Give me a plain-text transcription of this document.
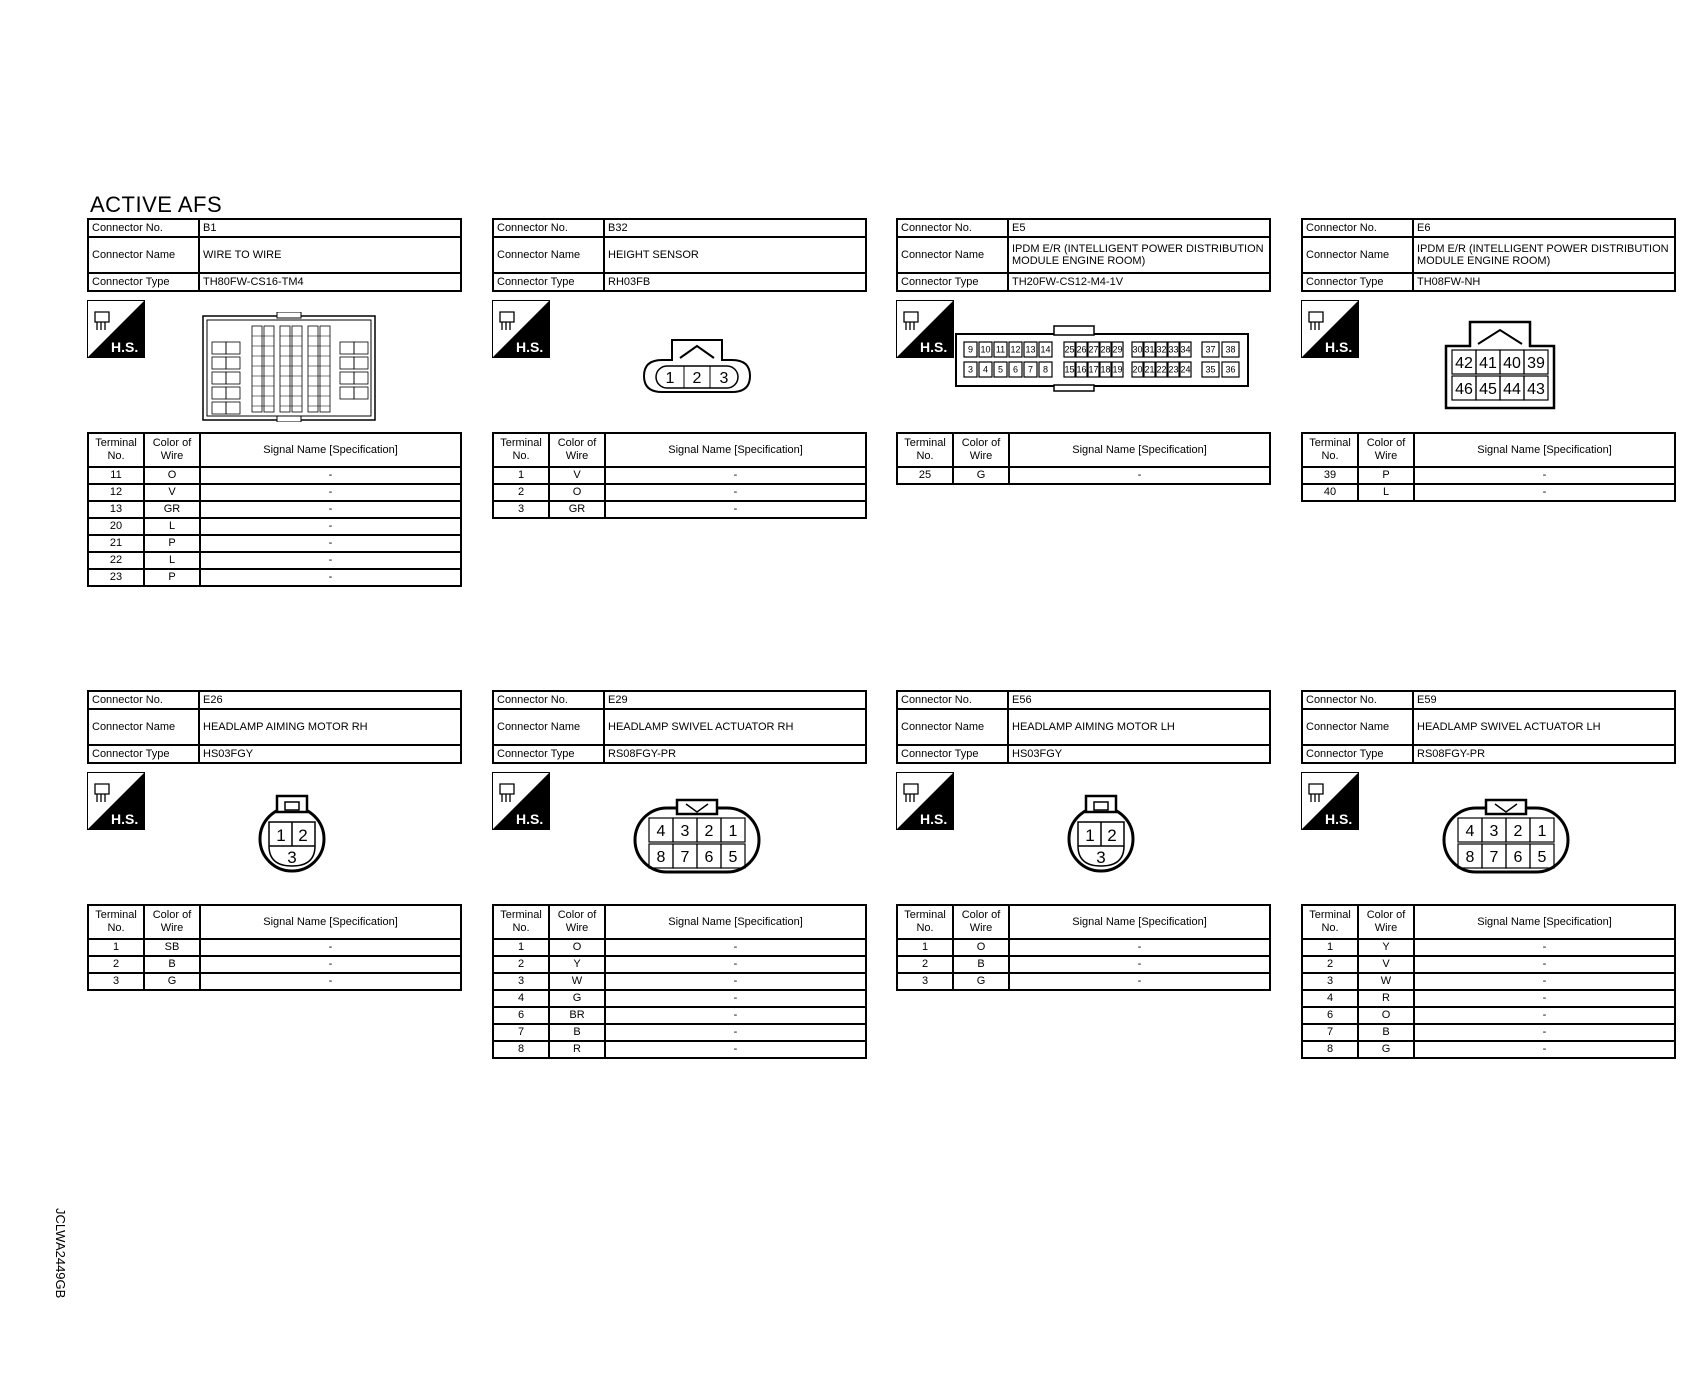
ACTIVE AFS
Connector No.	B1
Connector Name	WIRE TO WIRE
Connector Type	TH80FW-CS16-TM4
H.S.
Terminal No.	Color of Wire	Signal Name [Specification]
11	O	-
12	V	-
13	GR	-
20	L	-
21	P	-
22	L	-
23	P	-
Connector No.	B32
Connector Name	HEIGHT SENSOR
Connector Type	RH03FB
H.S.
1 2 3
Terminal No.	Color of Wire	Signal Name [Specification]
1	V	-
2	O	-
3	GR	-
Connector No.	E5
Connector Name	IPDM E/R (INTELLIGENT POWER DISTRIBUTION MODULE ENGINE ROOM)
Connector Type	TH20FW-CS12-M4-1V
H.S. 9
3
10
4
11
5
12
6
13
7
14
8
25
15
26
16
27
17
28
18
29
19
30
20
31
21
32
22
33
23
34
24
37
35
38
36
Terminal No.	Color of Wire	Signal Name [Specification]
25	G	-
Connector No.	E6
Connector Name	IPDM E/R (INTELLIGENT POWER DISTRIBUTION MODULE ENGINE ROOM)
Connector Type	TH08FW-NH
H.S.
42
46
41
45
40
44
39
43
Terminal No.	Color of Wire	Signal Name [Specification]
39	P	-
40	L	-
Connector No.	E26
Connector Name	HEADLAMP AIMING MOTOR RH
Connector Type	HS03FGY
H.S.
1 2
3
Terminal No.	Color of Wire	Signal Name [Specification]
1	SB	-
2	B	-
3	G	-
Connector No.	E29
Connector Name	HEADLAMP SWIVEL ACTUATOR RH
Connector Type	RS08FGY-PR
H.S.
4
8
3
7
2
6
1
5
Terminal No.	Color of Wire	Signal Name [Specification]
1	O	-
2	Y	-
3	W	-
4	G	-
6	BR	-
7	B	-
8	R	-
Connector No.	E56
Connector Name	HEADLAMP AIMING MOTOR LH
Connector Type	HS03FGY
H.S.
1 2
3
Terminal No.	Color of Wire	Signal Name [Specification]
1	O	-
2	B	-
3	G	-
Connector No.	E59
Connector Name	HEADLAMP SWIVEL ACTUATOR LH
Connector Type	RS08FGY-PR
H.S.
4
8
3
7
2
6
1
5
Terminal No.	Color of Wire	Signal Name [Specification]
1	Y	-
2	V	-
3	W	-
4	R	-
6	O	-
7	B	-
8	G	-
JCLWA2449GB
